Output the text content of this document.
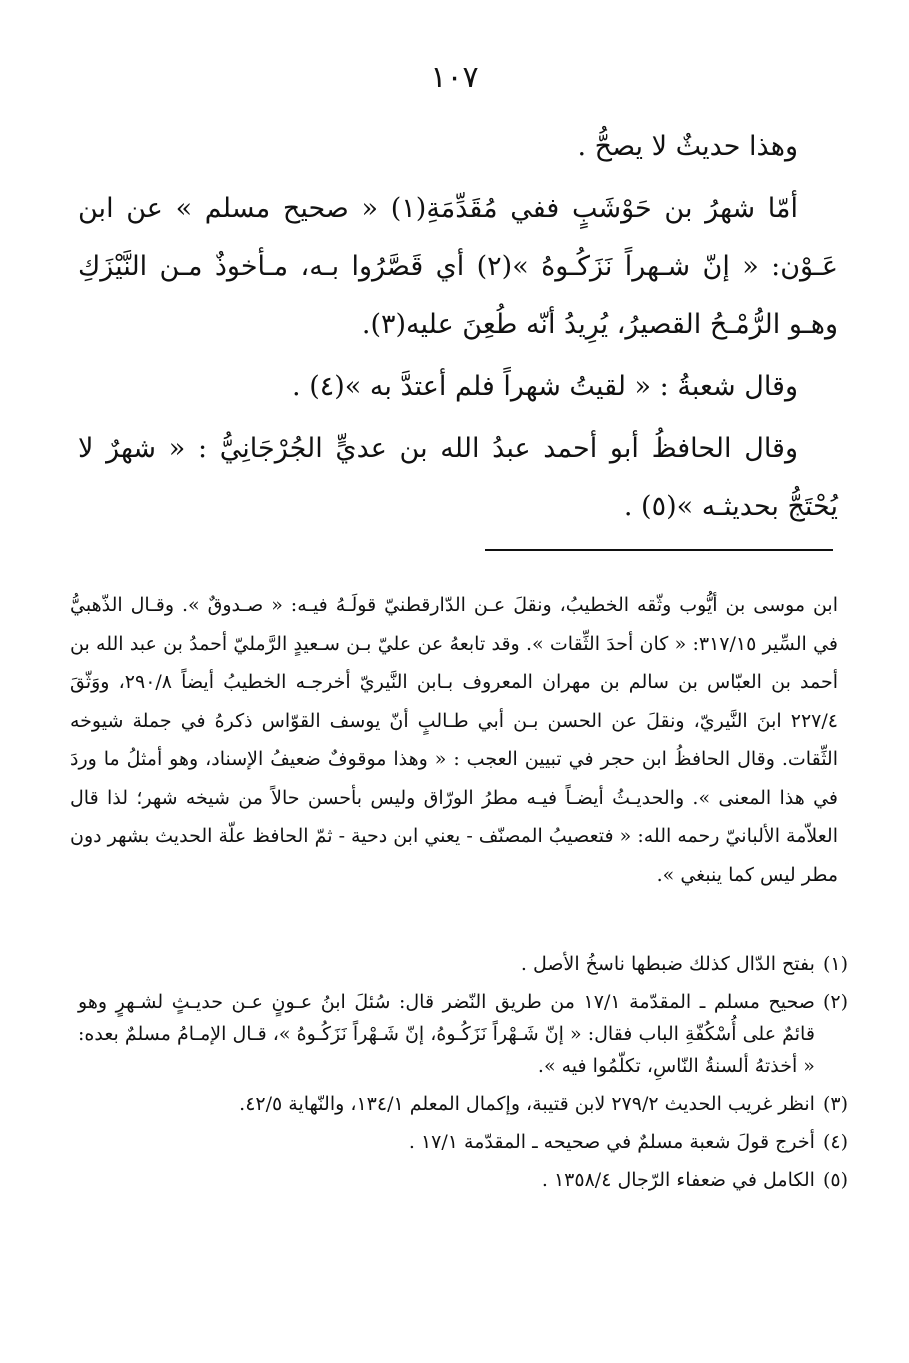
١٠٧

وهذا حديثٌ لا يصحُّ .

أمّا شهرُ بن حَوْشَبٍ ففي مُقَدِّمَةِ(١) « صحيح مسلم » عن ابن عَـوْن: « إنّ شـهراً نَزَكُـوهُ »(٢) أي قَصَّرُوا بـه، مـأخوذٌ مـن النَّيْزَكِ وهـو الرُّمْـحُ القصيرُ، يُرِيدُ أنّه طُعِنَ عليه(٣).

وقال شعبةُ : « لقيتُ شهراً فلم أعتدَّ به »(٤) .

وقال الحافظُ أبو أحمد عبدُ الله بن عديٍّ الجُرْجَانِيُّ : « شهرٌ لا يُحْتَجُّ بحديثـه »(٥) .

ابن موسى بن أيُّوب وثّقه الخطيبُ، ونقلَ عـن الدّارقطنيّ قولَـهُ فيـه: « صـدوقٌ ». وقـال الذّهبيُّ في السِّير ٣١٧/١٥: « كان أحدَ الثِّقات ». وقد تابعهُ عن عليّ بـن سـعيدٍ الرَّمليّ أحمدُ بن عبد الله بن أحمد بن العبّاس بن سالم بن مهران المعروف بـابن النَّيريّ أخرجـه الخطيبُ أيضاً ٢٩٠/٨، ووَثّقَ ٢٢٧/٤ ابنَ النَّيريّ، ونقلَ عن الحسن بـن أبي طـالبٍ أنّ يوسف القوّاس ذكرهُ في جملة شيوخه الثِّقات. وقال الحافظُ ابن حجر في تبيين العجب : « وهذا موقوفٌ ضعيفُ الإسناد، وهو أمثلُ ما وردَ في هذا المعنى ». والحديـثُ أيضـاً فيـه مطرُ الورّاق وليس بأحسن حالاً من شيخه شهر؛ لذا قال العلاّمة الألبانيّ رحمه الله: « فتعصيبُ المصنّف - يعني ابن دحية - ثمّ الحافظ علّة الحديث بشهر دون مطر ليس كما ينبغي ».

(١)
بفتح الدّال كذلك ضبطها ناسخُ الأصل .
(٢)
صحيح مسلم ـ المقدّمة ١٧/١ من طريق النّضر قال: سُئلَ ابنُ عـونٍ عـن حديـثٍ لشـهرٍ وهو قائمٌ على أُسْكُفّةِ الباب فقال: « إنّ شَـهْراً نَزَكُـوهُ، إنّ شَـهْراً نَزَكُـوهُ »، قـال الإمـامُ مسلمٌ بعده: « أخذتهُ ألسنةُ النّاسِ، تكلّمُوا فيه ».
(٣)
انظر غريب الحديث ٢٧٩/٢ لابن قتيبة، وإكمال المعلم ١٣٤/١، والنّهاية ٤٢/٥.
(٤)
أخرج قولَ شعبة مسلمٌ في صحيحه ـ المقدّمة ١٧/١ .
(٥)
الكامل في ضعفاء الرّجال ١٣٥٨/٤ .
